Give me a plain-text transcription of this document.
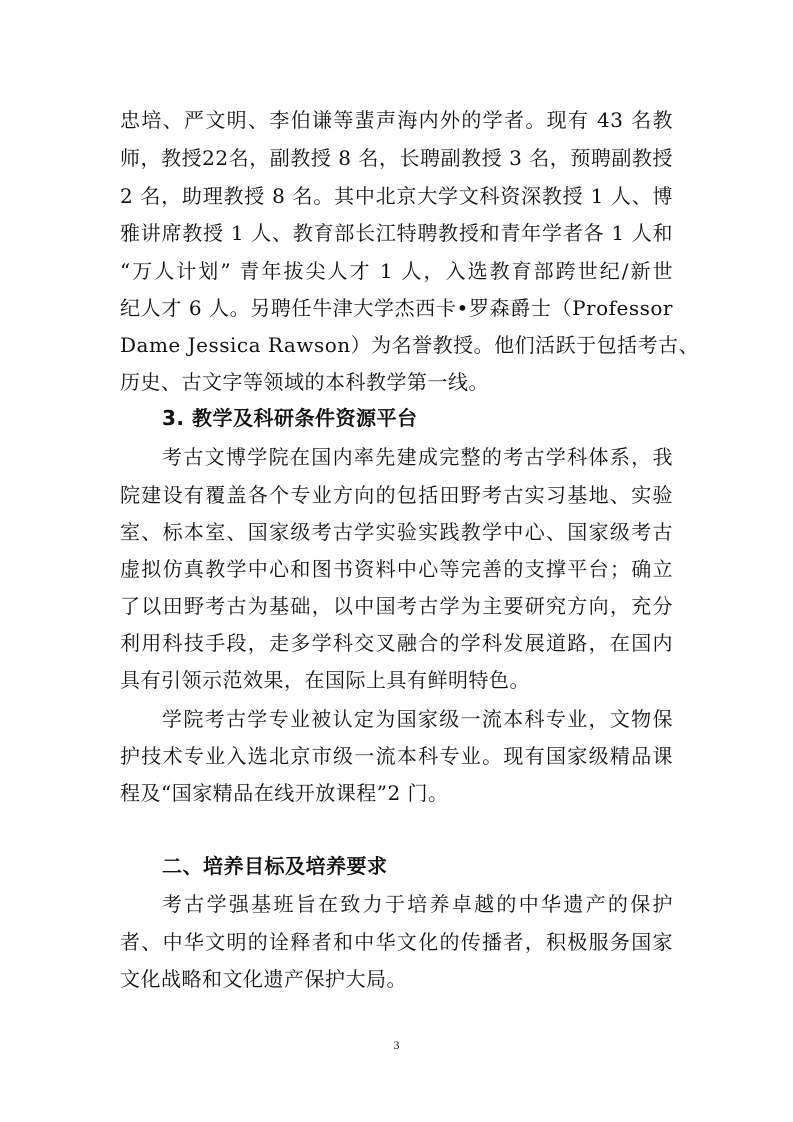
忠培、严文明、李伯谦等蜚声海内外的学者。现有 43 名教
师，教授22名，副教授 8 名，长聘副教授 3 名，预聘副教授
2 名，助理教授 8 名。其中北京大学文科资深教授 1 人、博
雅讲席教授 1 人、教育部长江特聘教授和青年学者各 1 人和
“万人计划” 青年拔尖人才 1 人，入选教育部跨世纪/新世
纪人才 6 人。另聘任牛津大学杰西卡•罗森爵士（Professor
Dame Jessica Rawson）为名誉教授。他们活跃于包括考古、
历史、古文字等领域的本科教学第一线。
3. 教学及科研条件资源平台
考古文博学院在国内率先建成完整的考古学科体系，我
院建设有覆盖各个专业方向的包括田野考古实习基地、实验
室、标本室、国家级考古学实验实践教学中心、国家级考古
虚拟仿真教学中心和图书资料中心等完善的支撑平台；确立
了以田野考古为基础，以中国考古学为主要研究方向，充分
利用科技手段，走多学科交叉融合的学科发展道路，在国内
具有引领示范效果，在国际上具有鲜明特色。
学院考古学专业被认定为国家级一流本科专业，文物保
护技术专业入选北京市级一流本科专业。现有国家级精品课
程及“国家精品在线开放课程”2 门。
二、培养目标及培养要求
考古学强基班旨在致力于培养卓越的中华遗产的保护
者、中华文明的诠释者和中华文化的传播者，积极服务国家
文化战略和文化遗产保护大局。
3
